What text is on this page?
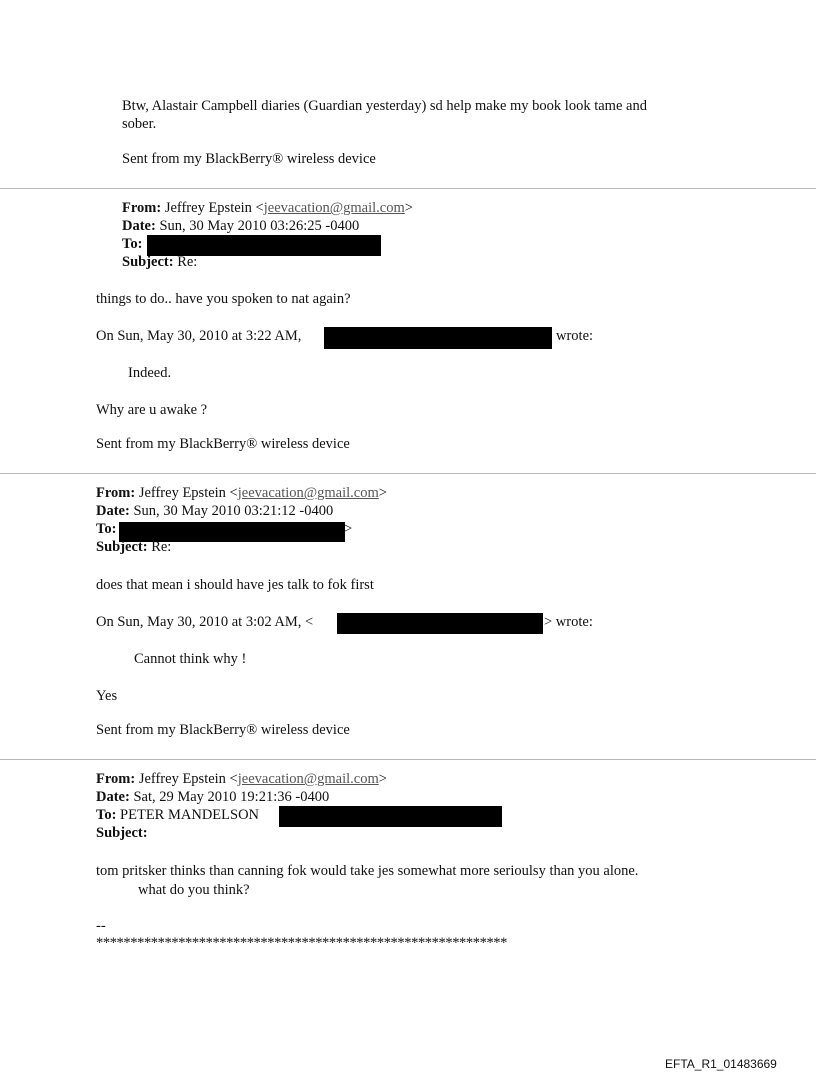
Btw, Alastair Campbell diaries (Guardian yesterday) sd help make my book look tame and
sober.
Sent from my BlackBerry® wireless device
From: Jeffrey Epstein <jeevacation@gmail.com>
Date: Sun, 30 May 2010 03:26:25 -0400
To:
Subject: Re:
things to do.. have you spoken to nat again?
On Sun, May 30, 2010 at 3:22 AM,	wrote:
Indeed.
Why are u awake ?
Sent from my BlackBerry® wireless device
From: Jeffrey Epstein <jeevacation@gmail.com>
Date: Sun, 30 May 2010 03:21:12 -0400
To:	>
Subject: Re:
does that mean i should have jes talk to fok first
On Sun, May 30, 2010 at 3:02 AM, <	> wrote:
Cannot think why !
Yes
Sent from my BlackBerry® wireless device
From: Jeffrey Epstein <jeevacation@gmail.com>
Date: Sat, 29 May 2010 19:21:36 -0400
To: PETER MANDELSON
Subject:
tom pritsker thinks than canning fok would take jes somewhat more serioulsy than you alone.
what do you think?
--
************************************************************
EFTA_R1_01483669
